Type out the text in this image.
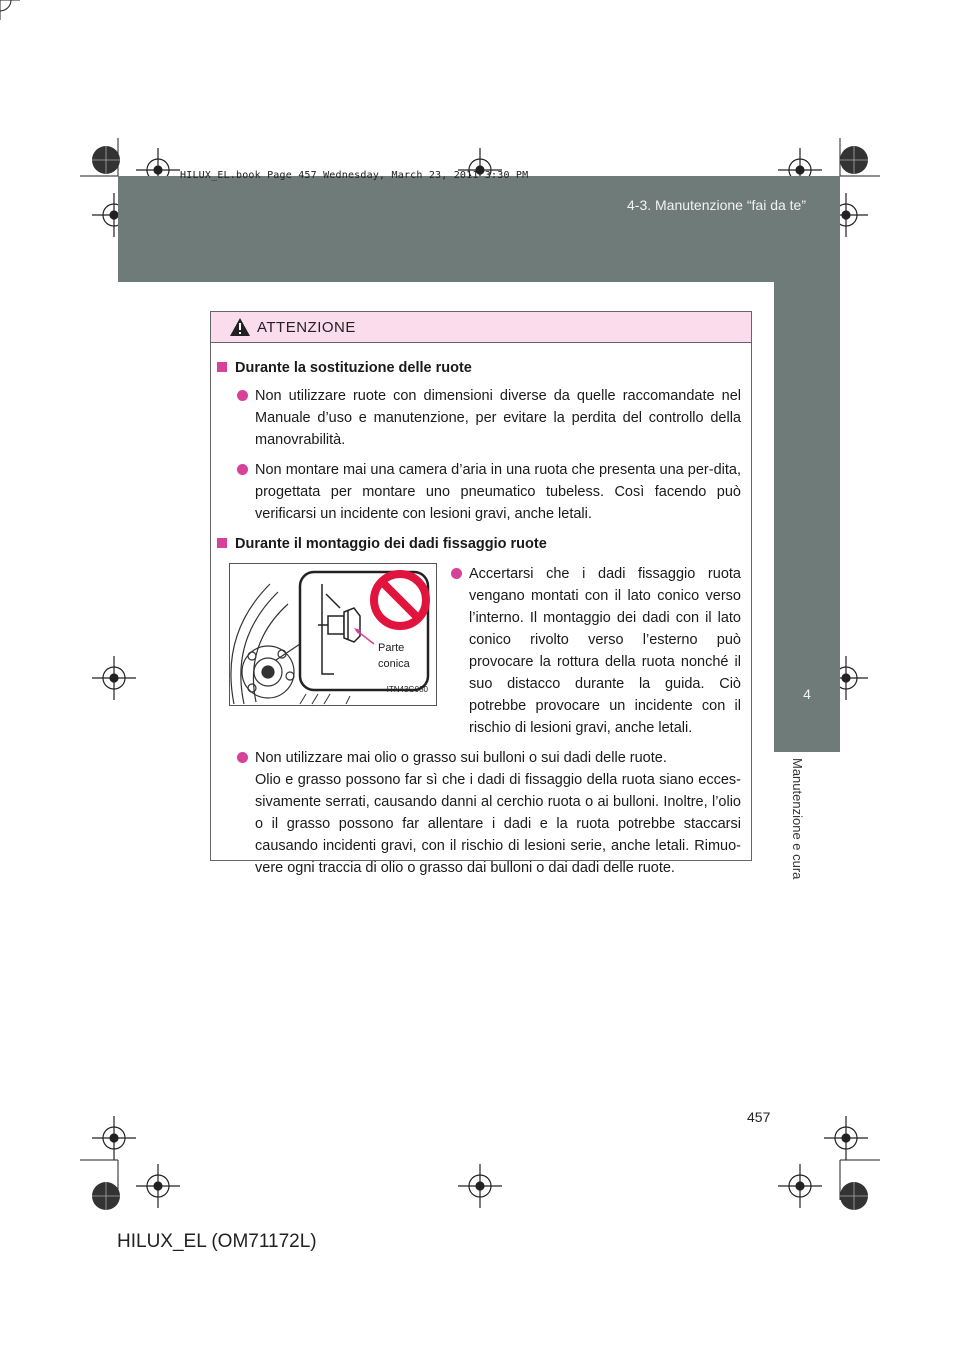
HILUX_EL.book Page 457 Wednesday, March 23, 2011 3:30 PM
4-3. Manutenzione “fai da te”
4
Manutenzione e cura
ATTENZIONE
Durante la sostituzione delle ruote
Non utilizzare ruote con dimensioni diverse da quelle raccomandate nel Manuale d’uso e manutenzione, per evitare la perdita del controllo della manovrabilità.
Non montare mai una camera d’aria in una ruota che presenta una per-dita, progettata per montare uno pneumatico tubeless. Così facendo può verificarsi un incidente con lesioni gravi, anche letali.
Durante il montaggio dei dadi fissaggio ruote
Parte
conica
ITN43G080
Accertarsi che i dadi fissaggio ruota vengano montati con il lato conico verso l’interno. Il montaggio dei dadi con il lato conico rivolto verso l’esterno può provocare la rottura della ruota nonché il suo distacco durante la guida. Ciò potrebbe provocare un incidente con il rischio di lesioni gravi, anche letali.
Non utilizzare mai olio o grasso sui bulloni o sui dadi delle ruote.
Olio e grasso possono far sì che i dadi di fissaggio della ruota siano ecces-sivamente serrati, causando danni al cerchio ruota o ai bulloni. Inoltre, l’olio o il grasso possono far allentare i dadi e la ruota potrebbe staccarsi causando incidenti gravi, con il rischio di lesioni serie, anche letali. Rimuo-vere ogni traccia di olio o grasso dai bulloni o dai dadi delle ruote.
457
HILUX_EL (OM71172L)
